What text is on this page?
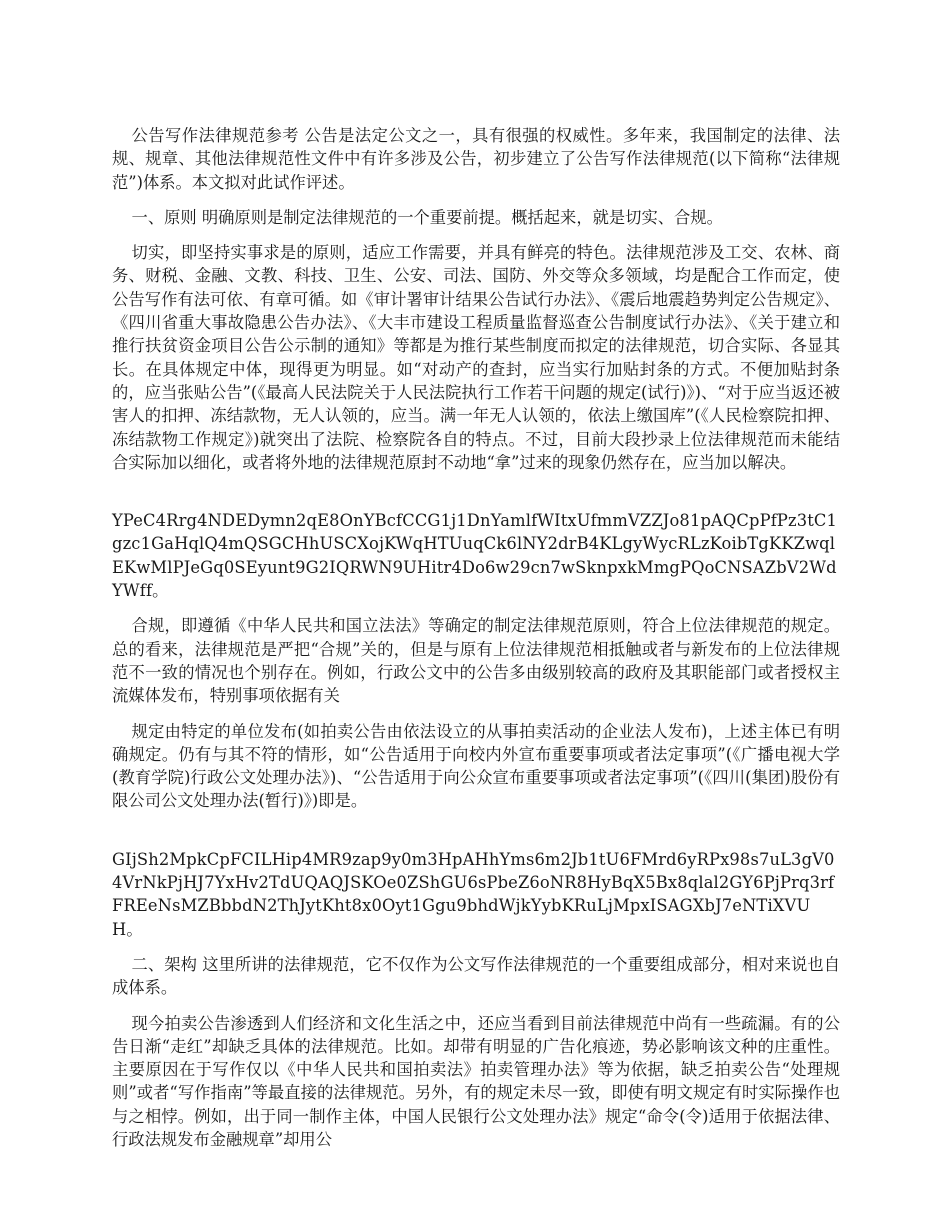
公告写作法律规范参考 公告是法定公文之一，具有很强的权威性。多年来，我国制定的法律、法规、规章、其他法律规范性文件中有许多涉及公告，初步建立了公告写作法律规范(以下简称“法律规范”)体系。本文拟对此试作评述。

一、原则 明确原则是制定法律规范的一个重要前提。概括起来，就是切实、合规。

切实，即坚持实事求是的原则，适应工作需要，并具有鲜亮的特色。法律规范涉及工交、农林、商务、财税、金融、文教、科技、卫生、公安、司法、国防、外交等众多领域，均是配合工作而定，使公告写作有法可依、有章可循。如《审计署审计结果公告试行办法》、《震后地震趋势判定公告规定》、《四川省重大事故隐患公告办法》、《大丰市建设工程质量监督巡查公告制度试行办法》、《关于建立和推行扶贫资金项目公告公示制的通知》等都是为推行某些制度而拟定的法律规范，切合实际、各显其长。在具体规定中体，现得更为明显。如“对动产的查封，应当实行加贴封条的方式。不便加贴封条的，应当张贴公告”(《最高人民法院关于人民法院执行工作若干问题的规定(试行)》)、“对于应当返还被害人的扣押、冻结款物，无人认领的，应当。满一年无人认领的，依法上缴国库”(《人民检察院扣押、冻结款物工作规定》)就突出了法院、检察院各自的特点。不过，目前大段抄录上位法律规范而未能结合实际加以细化，或者将外地的法律规范原封不动地“拿”过来的现象仍然存在，应当加以解决。

YPeC4Rrg4NDEDymn2qE8OnYBcfCCG1j1DnYamlfWItxUfmmVZZJo81pAQCpPfPz3tC1gzc1GaHqlQ4mQSGCHhUSCXojKWqHTUuqCk6lNY2drB4KLgyWycRLzKoibTgKKZwqlEKwMlPJeGq0SEyunt9G2IQRWN9UHitr4Do6w29cn7wSknpxkMmgPQoCNSAZbV2WdYWff。

合规，即遵循《中华人民共和国立法法》等确定的制定法律规范原则，符合上位法律规范的规定。总的看来，法律规范是严把“合规”关的，但是与原有上位法律规范相抵触或者与新发布的上位法律规范不一致的情况也个别存在。例如，行政公文中的公告多由级别较高的政府及其职能部门或者授权主流媒体发布，特别事项依据有关

规定由特定的单位发布(如拍卖公告由依法设立的从事拍卖活动的企业法人发布)，上述主体已有明确规定。仍有与其不符的情形，如“公告适用于向校内外宣布重要事项或者法定事项”(《广播电视大学(教育学院)行政公文处理办法》)、“公告适用于向公众宣布重要事项或者法定事项”(《四川(集团)股份有限公司公文处理办法(暂行)》)即是。

GIjSh2MpkCpFCILHip4MR9zap9y0m3HpAHhYms6m2Jb1tU6FMrd6yRPx98s7uL3gV04VrNkPjHJ7YxHv2TdUQAQJSKOe0ZShGU6sPbeZ6oNR8HyBqX5Bx8qlal2GY6PjPrq3rfFREeNsMZBbbdN2ThJytKht8x0Oyt1Ggu9bhdWjkYybKRuLjMpxISAGXbJ7eNTiXVUH。

二、架构 这里所讲的法律规范，它不仅作为公文写作法律规范的一个重要组成部分，相对来说也自成体系。

现今拍卖公告渗透到人们经济和文化生活之中，还应当看到目前法律规范中尚有一些疏漏。有的公告日渐“走红”却缺乏具体的法律规范。比如。却带有明显的广告化痕迹，势必影响该文种的庄重性。主要原因在于写作仅以《中华人民共和国拍卖法》拍卖管理办法》等为依据，缺乏拍卖公告“处理规则”或者“写作指南”等最直接的法律规范。另外，有的规定未尽一致，即使有明文规定有时实际操作也与之相悖。例如，出于同一制作主体，中国人民银行公文处理办法》规定“命令(令)适用于依据法律、行政法规发布金融规章”却用公
